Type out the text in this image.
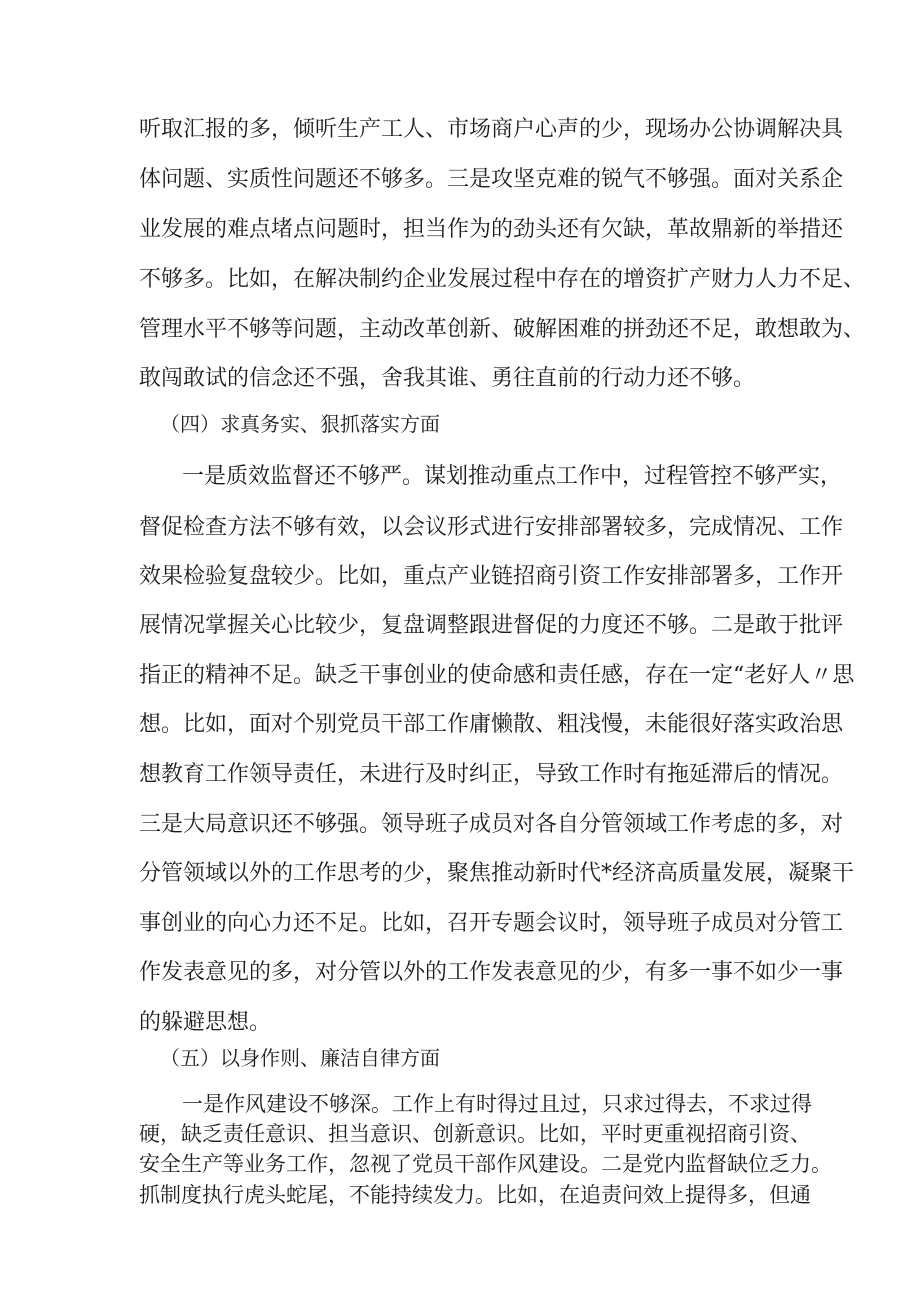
听取汇报的多，倾听生产工人、市场商户心声的少，现场办公协调解决具
体问题、实质性问题还不够多。三是攻坚克难的锐气不够强。面对关系企
业发展的难点堵点问题时，担当作为的劲头还有欠缺，革故鼎新的举措还
不够多。比如，在解决制约企业发展过程中存在的增资扩产财力人力不足、
管理水平不够等问题，主动改革创新、破解困难的拼劲还不足，敢想敢为、
敢闯敢试的信念还不强，舍我其谁、勇往直前的行动力还不够。
（四）求真务实、狠抓落实方面
一是质效监督还不够严。谋划推动重点工作中，过程管控不够严实，
督促检查方法不够有效，以会议形式进行安排部署较多，完成情况、工作
效果检验复盘较少。比如，重点产业链招商引资工作安排部署多，工作开
展情况掌握关心比较少，复盘调整跟进督促的力度还不够。二是敢于批评
指正的精神不足。缺乏干事创业的使命感和责任感，存在一定“老好人〃思
想。比如，面对个别党员干部工作庸懒散、粗浅慢，未能很好落实政治思
想教育工作领导责任，未进行及时纠正，导致工作时有拖延滞后的情况。
三是大局意识还不够强。领导班子成员对各自分管领域工作考虑的多，对
分管领域以外的工作思考的少，聚焦推动新时代*经济高质量发展，凝聚干
事创业的向心力还不足。比如，召开专题会议时，领导班子成员对分管工
作发表意见的多，对分管以外的工作发表意见的少，有多一事不如少一事
的躲避思想。
（五）以身作则、廉洁自律方面
一是作风建设不够深。工作上有时得过且过，只求过得去，不求过得
硬，缺乏责任意识、担当意识、创新意识。比如，平时更重视招商引资、
安全生产等业务工作，忽视了党员干部作风建设。二是党内监督缺位乏力。
抓制度执行虎头蛇尾，不能持续发力。比如，在追责问效上提得多，但通
